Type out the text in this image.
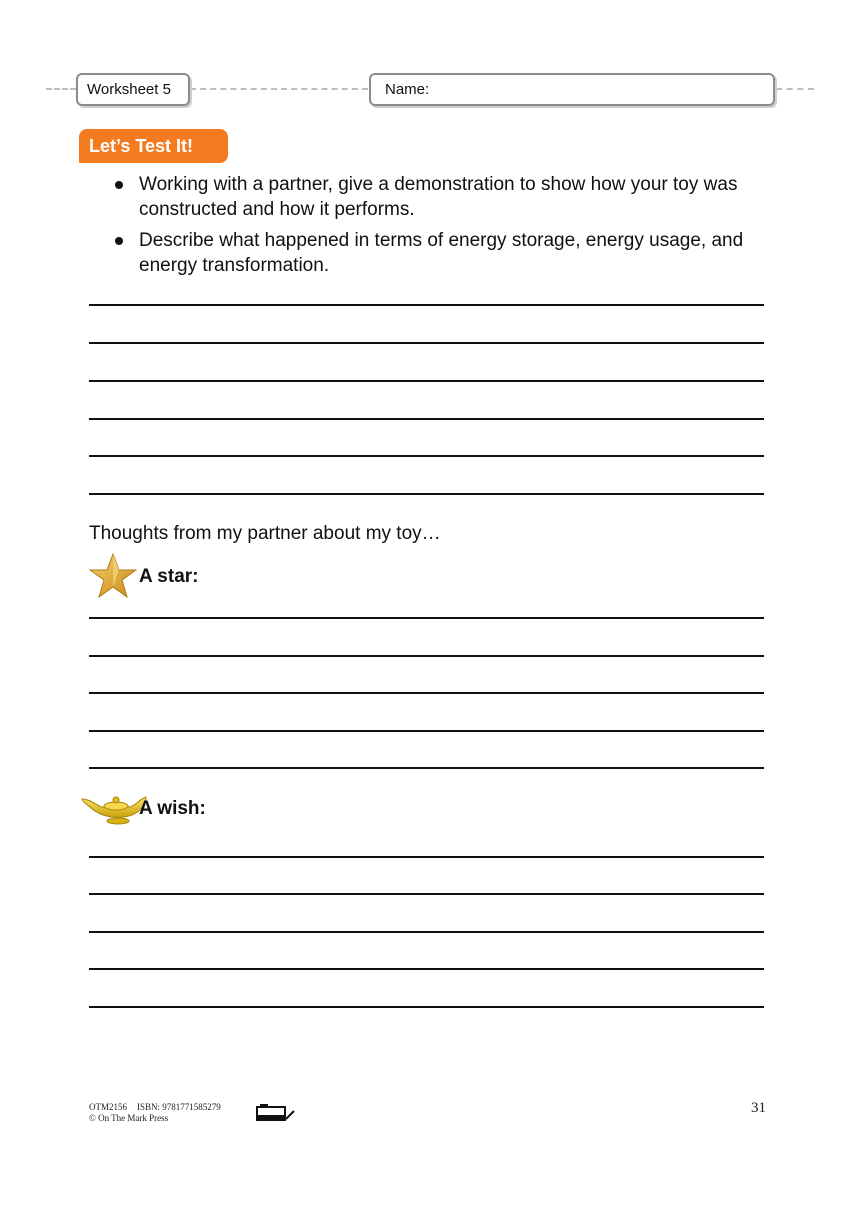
Worksheet 5	Name:
Let’s Test It!
Working with a partner, give a demonstration to show how your toy was constructed and how it performs.
Describe what happened in terms of energy storage, energy usage, and energy transformation.
Thoughts from my partner about my toy…
A star:
A wish:
OTM2156 ISBN: 9781771585279
© On The Mark Press
31
